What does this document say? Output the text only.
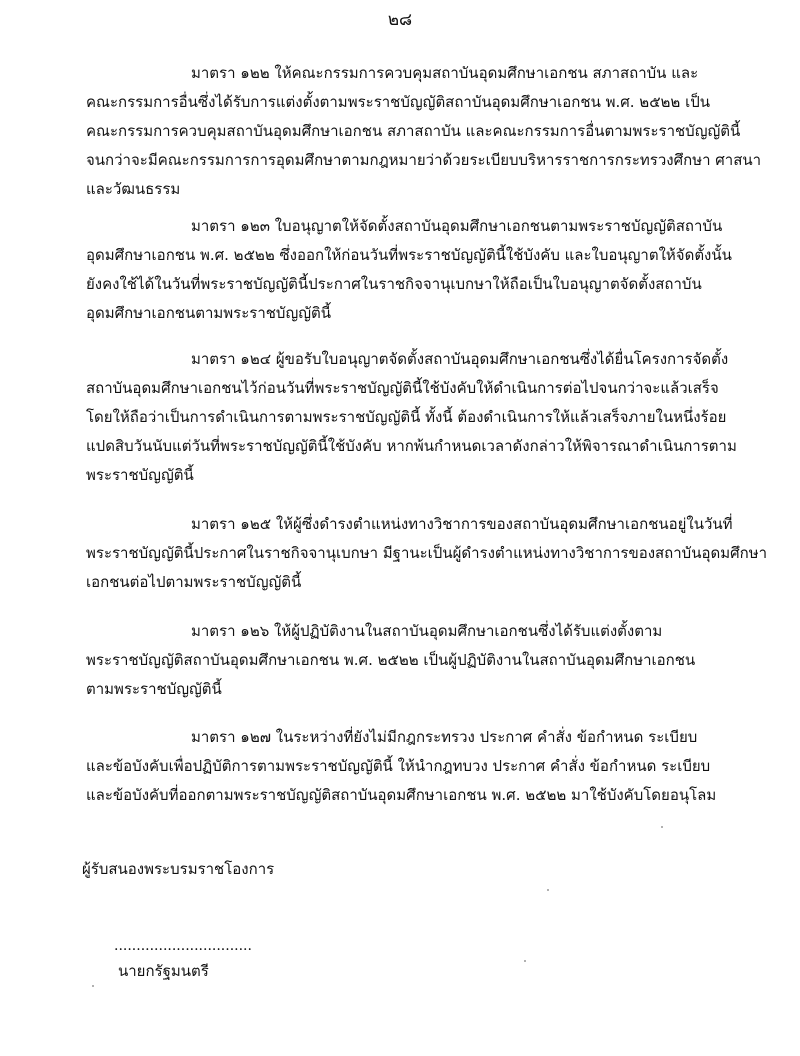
๒๘

มาตรา ๑๒๒ ให้คณะกรรมการควบคุมสถาบันอุดมศึกษาเอกชน สภาสถาบัน และ

คณะกรรมการอื่นซึ่งได้รับการแต่งตั้งตามพระราชบัญญัติสถาบันอุดมศึกษาเอกชน พ.ศ. ๒๕๒๒ เป็น

คณะกรรมการควบคุมสถาบันอุดมศึกษาเอกชน สภาสถาบัน และคณะกรรมการอื่นตามพระราชบัญญัตินี้

จนกว่าจะมีคณะกรรมการการอุดมศึกษาตามกฎหมายว่าด้วยระเบียบบริหารราชการกระทรวงศึกษา ศาสนา

และวัฒนธรรม

มาตรา ๑๒๓ ใบอนุญาตให้จัดตั้งสถาบันอุดมศึกษาเอกชนตามพระราชบัญญัติสถาบัน

อุดมศึกษาเอกชน พ.ศ. ๒๕๒๒ ซึ่งออกให้ก่อนวันที่พระราชบัญญัตินี้ใช้บังคับ และใบอนุญาตให้จัดตั้งนั้น

ยังคงใช้ได้ในวันที่พระราชบัญญัตินี้ประกาศในราชกิจจานุเบกษาให้ถือเป็นใบอนุญาตจัดตั้งสถาบัน

อุดมศึกษาเอกชนตามพระราชบัญญัตินี้

มาตรา ๑๒๔ ผู้ขอรับใบอนุญาตจัดตั้งสถาบันอุดมศึกษาเอกชนซึ่งได้ยื่นโครงการจัดตั้ง

สถาบันอุดมศึกษาเอกชนไว้ก่อนวันที่พระราชบัญญัตินี้ใช้บังคับให้ดำเนินการต่อไปจนกว่าจะแล้วเสร็จ

โดยให้ถือว่าเป็นการดำเนินการตามพระราชบัญญัตินี้ ทั้งนี้ ต้องดำเนินการให้แล้วเสร็จภายในหนึ่งร้อย

แปดสิบวันนับแต่วันที่พระราชบัญญัตินี้ใช้บังคับ หากพ้นกำหนดเวลาดังกล่าวให้พิจารณาดำเนินการตาม

พระราชบัญญัตินี้

มาตรา ๑๒๕ ให้ผู้ซึ่งดำรงตำแหน่งทางวิชาการของสถาบันอุดมศึกษาเอกชนอยู่ในวันที่

พระราชบัญญัตินี้ประกาศในราชกิจจานุเบกษา มีฐานะเป็นผู้ดำรงตำแหน่งทางวิชาการของสถาบันอุดมศึกษา

เอกชนต่อไปตามพระราชบัญญัตินี้

มาตรา ๑๒๖ ให้ผู้ปฏิบัติงานในสถาบันอุดมศึกษาเอกชนซึ่งได้รับแต่งตั้งตาม

พระราชบัญญัติสถาบันอุดมศึกษาเอกชน พ.ศ. ๒๕๒๒ เป็นผู้ปฏิบัติงานในสถาบันอุดมศึกษาเอกชน

ตามพระราชบัญญัตินี้

มาตรา ๑๒๗ ในระหว่างที่ยังไม่มีกฎกระทรวง ประกาศ คำสั่ง ข้อกำหนด ระเบียบ

และข้อบังคับเพื่อปฏิบัติการตามพระราชบัญญัตินี้ ให้นำกฎทบวง ประกาศ คำสั่ง ข้อกำหนด ระเบียบ

และข้อบังคับที่ออกตามพระราชบัญญัติสถาบันอุดมศึกษาเอกชน พ.ศ. ๒๕๒๒ มาใช้บังคับโดยอนุโลม

ผู้รับสนองพระบรมราชโองการ
...............................
นายกรัฐมนตรี
